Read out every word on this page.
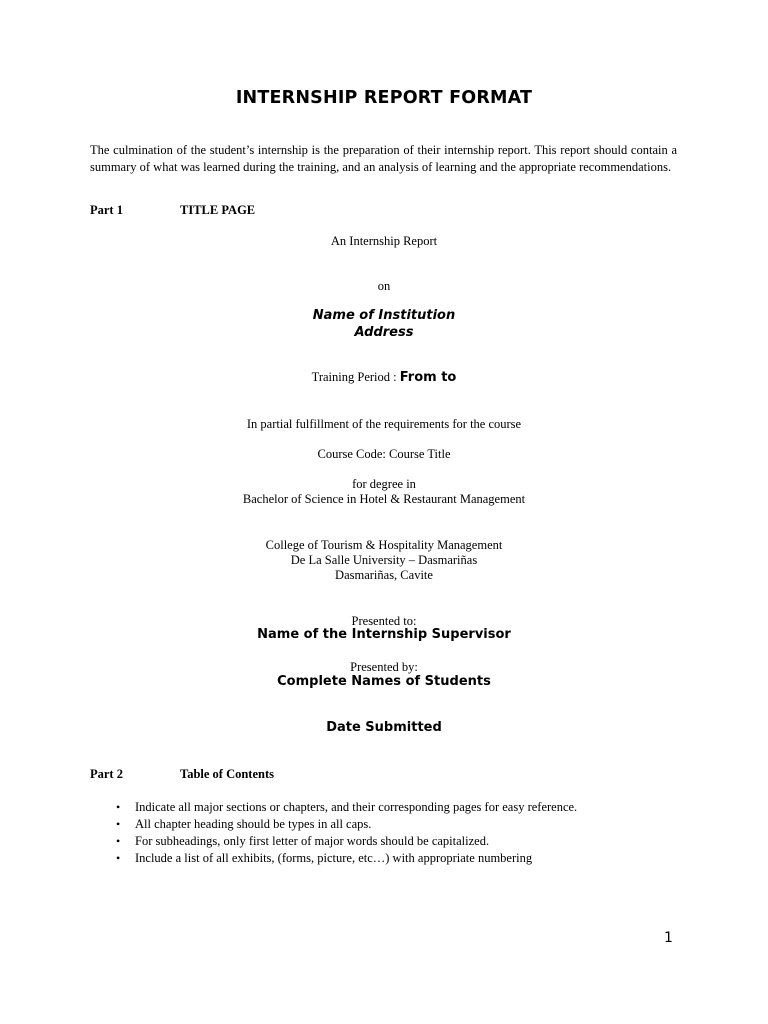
INTERNSHIP REPORT FORMAT

The culmination of the student’s internship is the preparation of their internship report. This report should contain a summary of what was learned during the training, and an analysis of learning and the appropriate recommendations.

Part 1	TITLE PAGE

An Internship Report

on

Name of Institution

Address

Training Period : From to

In partial fulfillment of the requirements for the course

Course Code: Course Title

for degree in

Bachelor of Science in Hotel & Restaurant Management

College of Tourism & Hospitality Management

De La Salle University – Dasmariñas

Dasmariñas, Cavite

Presented to:

Name of the Internship Supervisor

Presented by:

Complete Names of Students

Date Submitted

Part 2	Table of Contents

• Indicate all major sections or chapters, and their corresponding pages for easy reference.
• All chapter heading should be types in all caps.
• For subheadings, only first letter of major words should be capitalized.
• Include a list of all exhibits, (forms, picture, etc…) with appropriate numbering

1
